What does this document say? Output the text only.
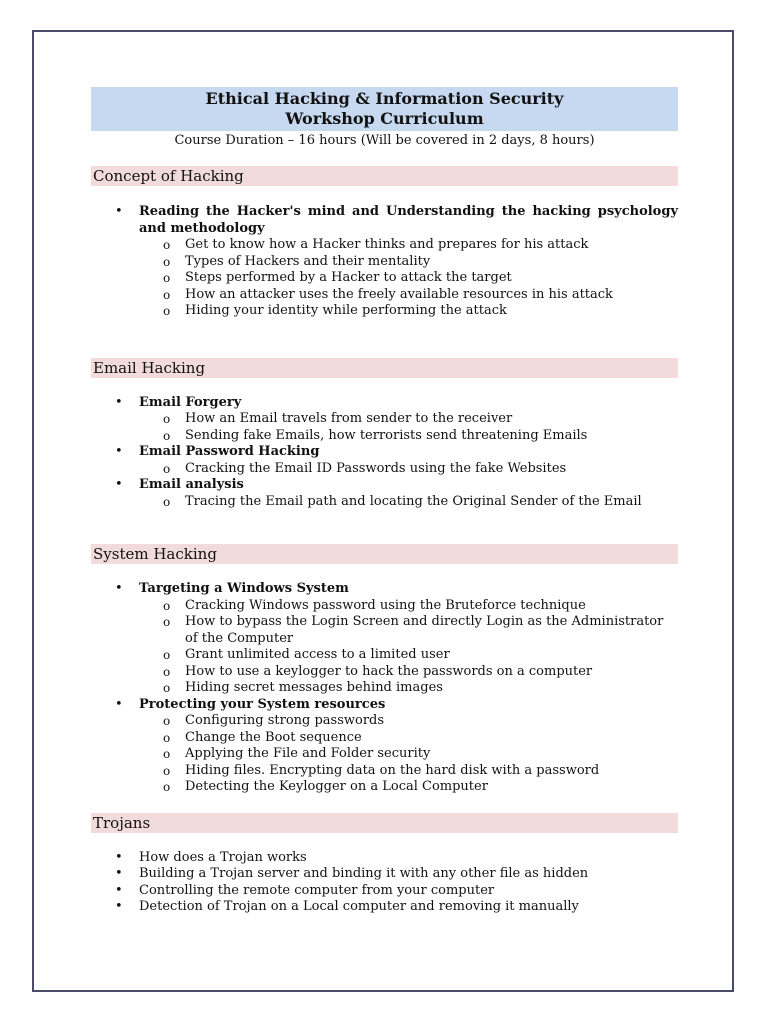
Ethical Hacking & Information Security
Workshop Curriculum
Course Duration – 16 hours (Will be covered in 2 days, 8 hours)
Concept of Hacking
• Reading the Hacker's mind and Understanding the hacking psychology and methodology
o Get to know how a Hacker thinks and prepares for his attack
o Types of Hackers and their mentality
o Steps performed by a Hacker to attack the target
o How an attacker uses the freely available resources in his attack
o Hiding your identity while performing the attack
Email Hacking
• Email Forgery
o How an Email travels from sender to the receiver
o Sending fake Emails, how terrorists send threatening Emails
• Email Password Hacking
o Cracking the Email ID Passwords using the fake Websites
• Email analysis
o Tracing the Email path and locating the Original Sender of the Email
System Hacking
• Targeting a Windows System
o Cracking Windows password using the Bruteforce technique
o How to bypass the Login Screen and directly Login as the Administrator of the Computer
o Grant unlimited access to a limited user
o How to use a keylogger to hack the passwords on a computer
o Hiding secret messages behind images
• Protecting your System resources
o Configuring strong passwords
o Change the Boot sequence
o Applying the File and Folder security
o Hiding files. Encrypting data on the hard disk with a password
o Detecting the Keylogger on a Local Computer
Trojans
• How does a Trojan works
• Building a Trojan server and binding it with any other file as hidden
• Controlling the remote computer from your computer
• Detection of Trojan on a Local computer and removing it manually
